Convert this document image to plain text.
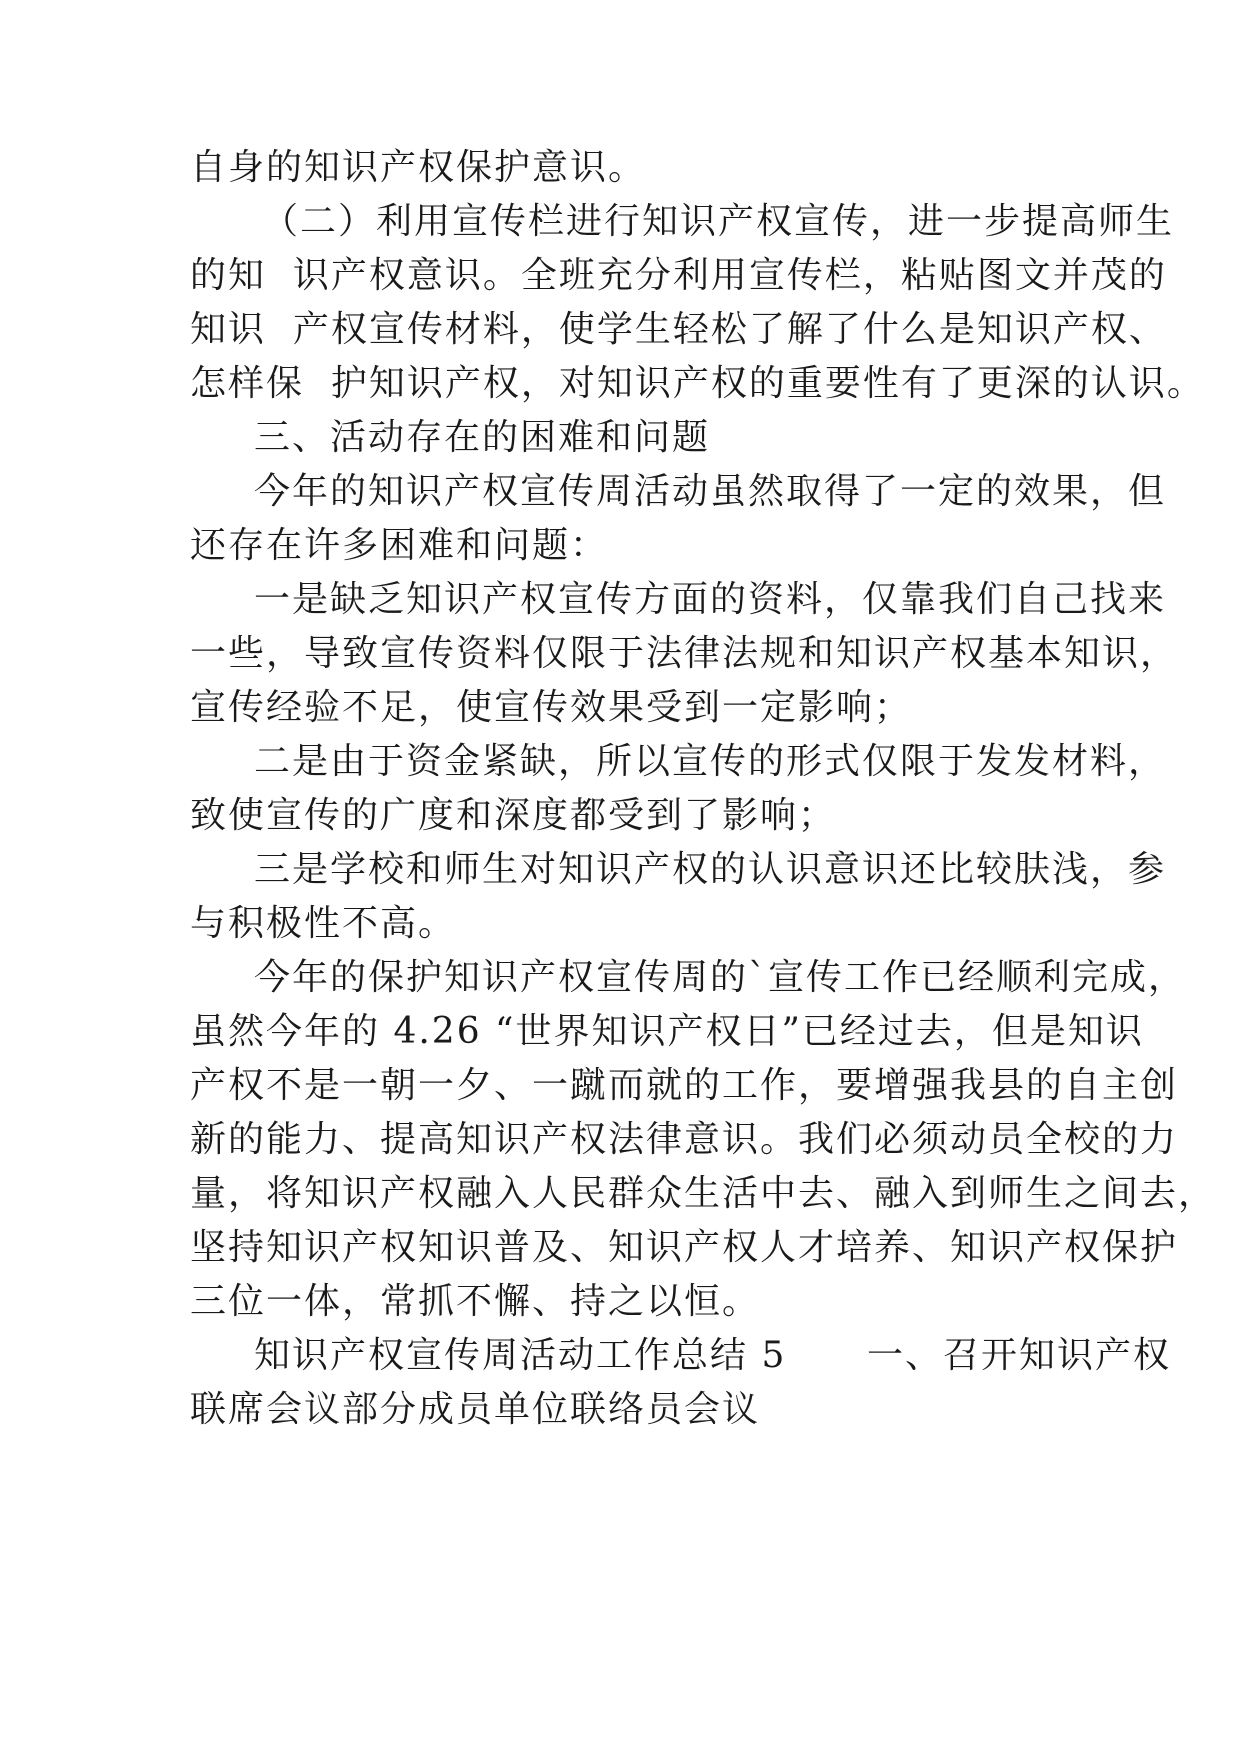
自身的知识产权保护意识。
（二）利用宣传栏进行知识产权宣传，进一步提高师生
的知  识产权意识。全班充分利用宣传栏，粘贴图文并茂的
知识  产权宣传材料，使学生轻松了解了什么是知识产权、
怎样保  护知识产权，对知识产权的重要性有了更深的认识。
三、活动存在的困难和问题
今年的知识产权宣传周活动虽然取得了一定的效果，但
还存在许多困难和问题：
一是缺乏知识产权宣传方面的资料，仅靠我们自己找来
一些，导致宣传资料仅限于法律法规和知识产权基本知识，
宣传经验不足，使宣传效果受到一定影响；
二是由于资金紧缺，所以宣传的形式仅限于发发材料，
致使宣传的广度和深度都受到了影响；
三是学校和师生对知识产权的认识意识还比较肤浅，参
与积极性不高。
今年的保护知识产权宣传周的`宣传工作已经顺利完成，
虽然今年的 4.26 “世界知识产权日”已经过去，但是知识
产权不是一朝一夕、一蹴而就的工作，要增强我县的自主创
新的能力、提高知识产权法律意识。我们必须动员全校的力
量，将知识产权融入人民群众生活中去、融入到师生之间去，
坚持知识产权知识普及、知识产权人才培养、知识产权保护
三位一体，常抓不懈、持之以恒。
知识产权宣传周活动工作总结 5      一、召开知识产权
联席会议部分成员单位联络员会议
